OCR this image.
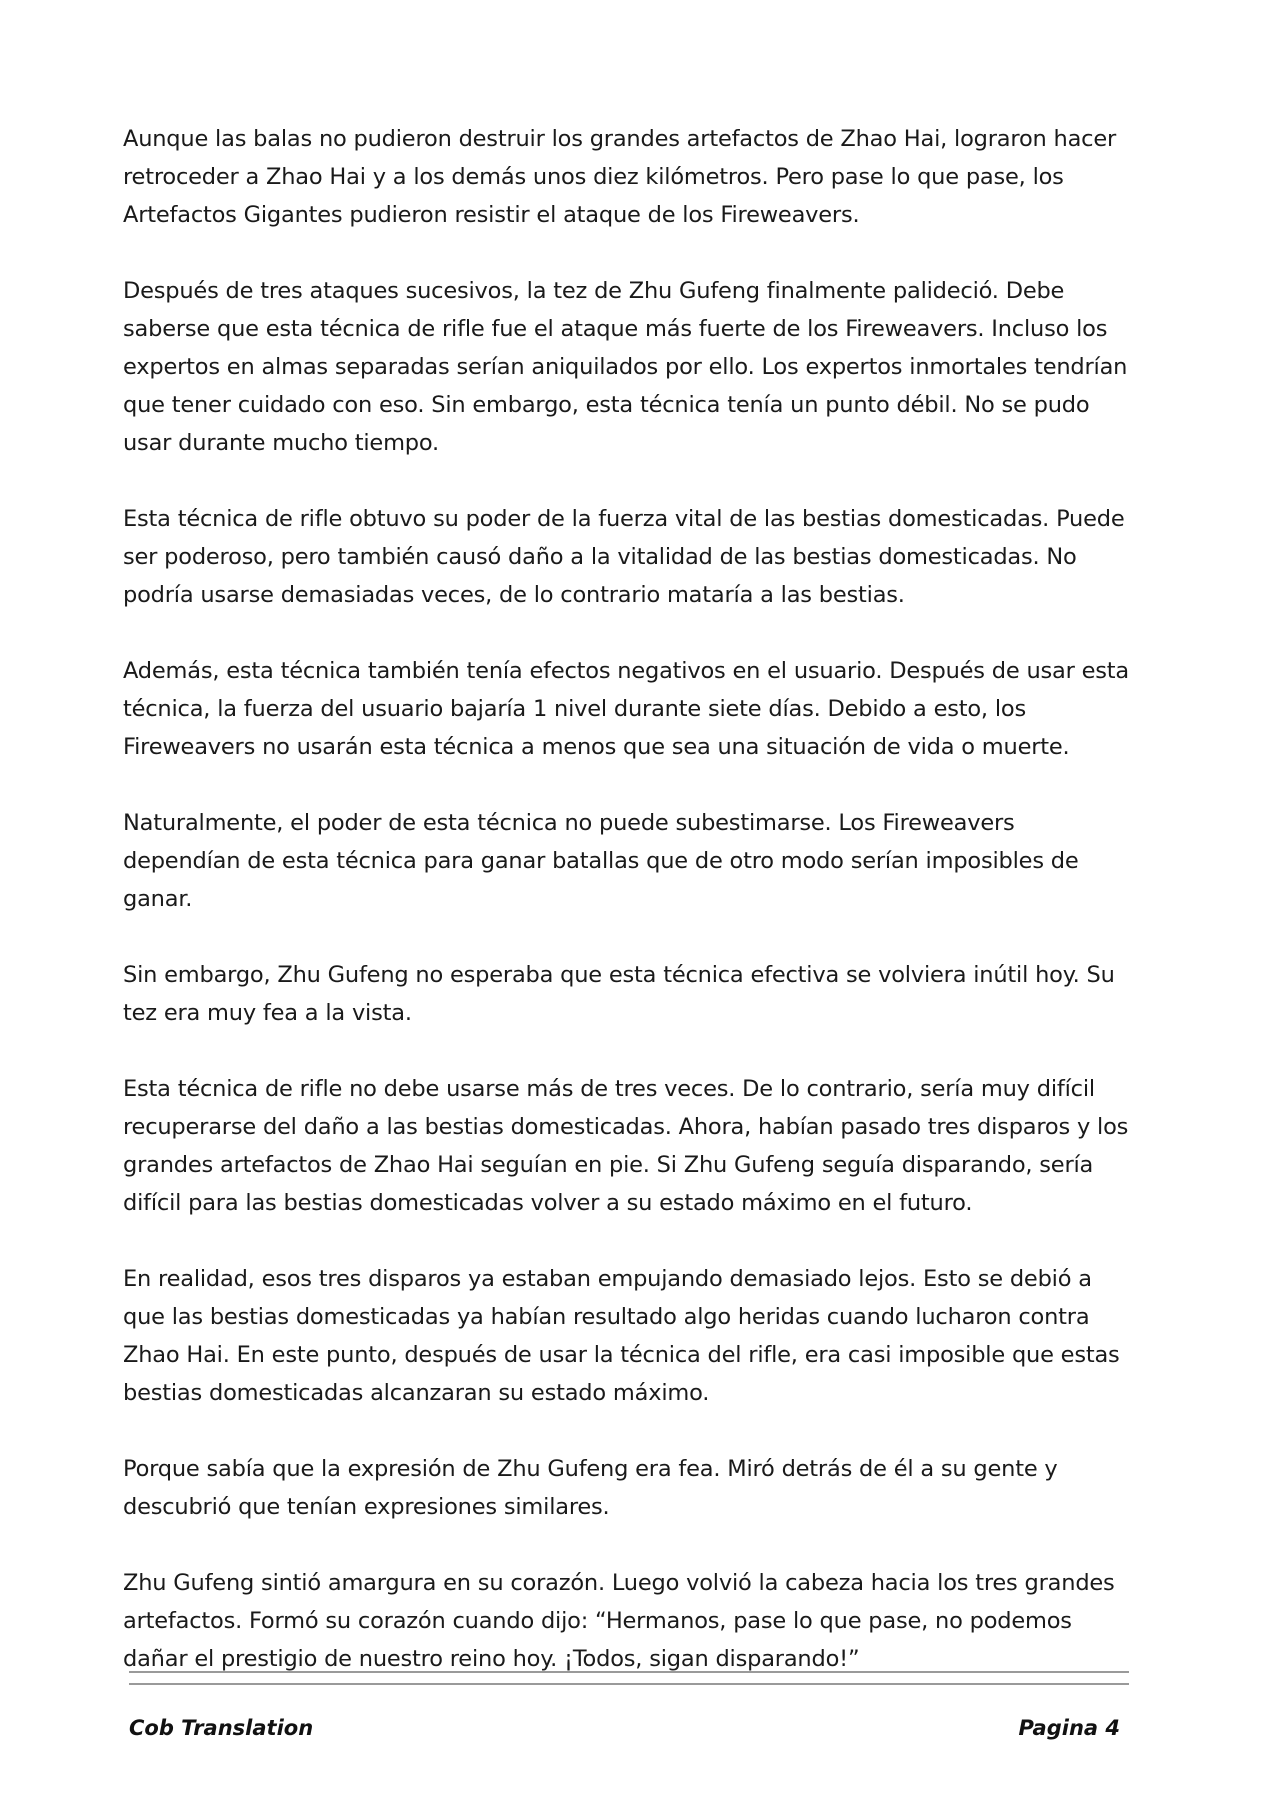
Aunque las balas no pudieron destruir los grandes artefactos de Zhao Hai, lograron hacer retroceder a Zhao Hai y a los demás unos diez kilómetros. Pero pase lo que pase, los Artefactos Gigantes pudieron resistir el ataque de los Fireweavers.

Después de tres ataques sucesivos, la tez de Zhu Gufeng finalmente palideció. Debe saberse que esta técnica de rifle fue el ataque más fuerte de los Fireweavers. Incluso los expertos en almas separadas serían aniquilados por ello. Los expertos inmortales tendrían que tener cuidado con eso. Sin embargo, esta técnica tenía un punto débil. No se pudo usar durante mucho tiempo.

Esta técnica de rifle obtuvo su poder de la fuerza vital de las bestias domesticadas. Puede ser poderoso, pero también causó daño a la vitalidad de las bestias domesticadas. No podría usarse demasiadas veces, de lo contrario mataría a las bestias.

Además, esta técnica también tenía efectos negativos en el usuario. Después de usar esta técnica, la fuerza del usuario bajaría 1 nivel durante siete días. Debido a esto, los Fireweavers no usarán esta técnica a menos que sea una situación de vida o muerte.

Naturalmente, el poder de esta técnica no puede subestimarse. Los Fireweavers dependían de esta técnica para ganar batallas que de otro modo serían imposibles de ganar.

Sin embargo, Zhu Gufeng no esperaba que esta técnica efectiva se volviera inútil hoy. Su tez era muy fea a la vista.

Esta técnica de rifle no debe usarse más de tres veces. De lo contrario, sería muy difícil recuperarse del daño a las bestias domesticadas. Ahora, habían pasado tres disparos y los grandes artefactos de Zhao Hai seguían en pie. Si Zhu Gufeng seguía disparando, sería difícil para las bestias domesticadas volver a su estado máximo en el futuro.

En realidad, esos tres disparos ya estaban empujando demasiado lejos. Esto se debió a que las bestias domesticadas ya habían resultado algo heridas cuando lucharon contra Zhao Hai. En este punto, después de usar la técnica del rifle, era casi imposible que estas bestias domesticadas alcanzaran su estado máximo.

Porque sabía que la expresión de Zhu Gufeng era fea. Miró detrás de él a su gente y descubrió que tenían expresiones similares.

Zhu Gufeng sintió amargura en su corazón. Luego volvió la cabeza hacia los tres grandes artefactos. Formó su corazón cuando dijo: “Hermanos, pase lo que pase, no podemos dañar el prestigio de nuestro reino hoy. ¡Todos, sigan disparando!”

Cob Translation	Pagina 4
